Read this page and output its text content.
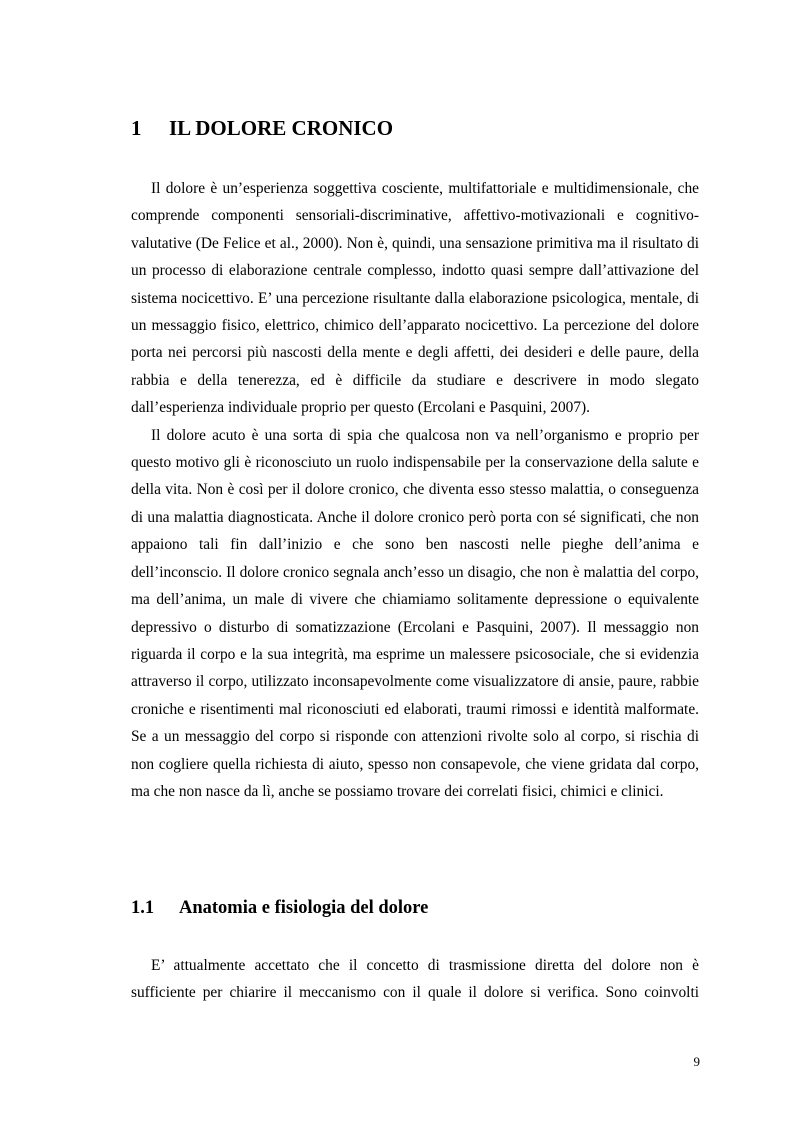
1 IL DOLORE CRONICO

Il dolore è un’esperienza soggettiva cosciente, multifattoriale e multidimensionale, che comprende componenti sensoriali-discriminative, affettivo-motivazionali e cognitivo-valutative (De Felice et al., 2000). Non è, quindi, una sensazione primitiva ma il risultato di un processo di elaborazione centrale complesso, indotto quasi sempre dall’attivazione del sistema nocicettivo. E’ una percezione risultante dalla elaborazione psicologica, mentale, di un messaggio fisico, elettrico, chimico dell’apparato nocicettivo. La percezione del dolore porta nei percorsi più nascosti della mente e degli affetti, dei desideri e delle paure, della rabbia e della tenerezza, ed è difficile da studiare e descrivere in modo slegato dall’esperienza individuale proprio per questo (Ercolani e Pasquini, 2007).

Il dolore acuto è una sorta di spia che qualcosa non va nell’organismo e proprio per questo motivo gli è riconosciuto un ruolo indispensabile per la conservazione della salute e della vita. Non è così per il dolore cronico, che diventa esso stesso malattia, o conseguenza di una malattia diagnosticata. Anche il dolore cronico però porta con sé significati, che non appaiono tali fin dall’inizio e che sono ben nascosti nelle pieghe dell’anima e dell’inconscio. Il dolore cronico segnala anch’esso un disagio, che non è malattia del corpo, ma dell’anima, un male di vivere che chiamiamo solitamente depressione o equivalente depressivo o disturbo di somatizzazione (Ercolani e Pasquini, 2007). Il messaggio non riguarda il corpo e la sua integrità, ma esprime un malessere psicosociale, che si evidenzia attraverso il corpo, utilizzato inconsapevolmente come visualizzatore di ansie, paure, rabbie croniche e risentimenti mal riconosciuti ed elaborati, traumi rimossi e identità malformate. Se a un messaggio del corpo si risponde con attenzioni rivolte solo al corpo, si rischia di non cogliere quella richiesta di aiuto, spesso non consapevole, che viene gridata dal corpo, ma che non nasce da lì, anche se possiamo trovare dei correlati fisici, chimici e clinici.

1.1 Anatomia e fisiologia del dolore

E’ attualmente accettato che il concetto di trasmissione diretta del dolore non è sufficiente per chiarire il meccanismo con il quale il dolore si verifica. Sono coinvolti

9
